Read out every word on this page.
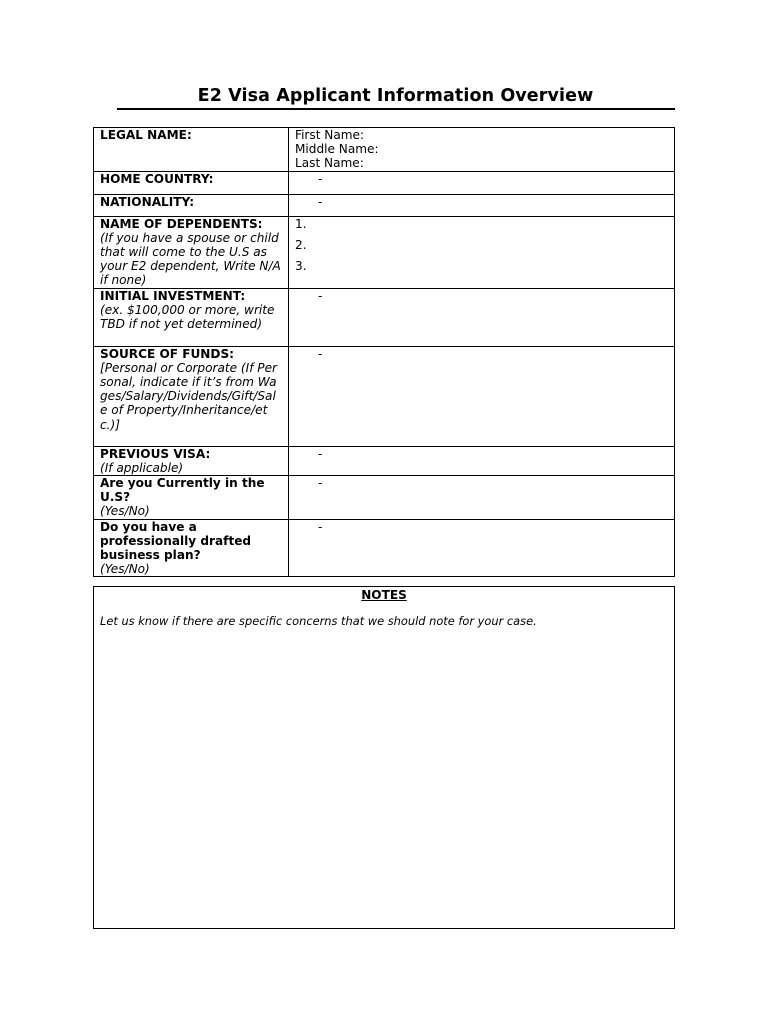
E2 Visa Applicant Information Overview
LEGAL NAME:	First Name:
Middle Name:
Last Name:

HOME COUNTRY:	-

NATIONALITY:	-

NAME OF DEPENDENTS:
(If you have a spouse or child that will come to the U.S as your E2 dependent, Write N/A if none)	1.
2.
3.

INITIAL INVESTMENT:
(ex. $100,000 or more, write TBD if not yet determined)	-

SOURCE OF FUNDS:
[Personal or Corporate (If Personal, indicate if it’s from Wages/Salary/Dividends/Gift/Sale of Property/Inheritance/etc.)]	-

PREVIOUS VISA:
(If applicable)	-

Are you Currently in the U.S?
(Yes/No)	-

Do you have a professionally drafted business plan?
(Yes/No)	-
NOTES
Let us know if there are specific concerns that we should note for your case.
